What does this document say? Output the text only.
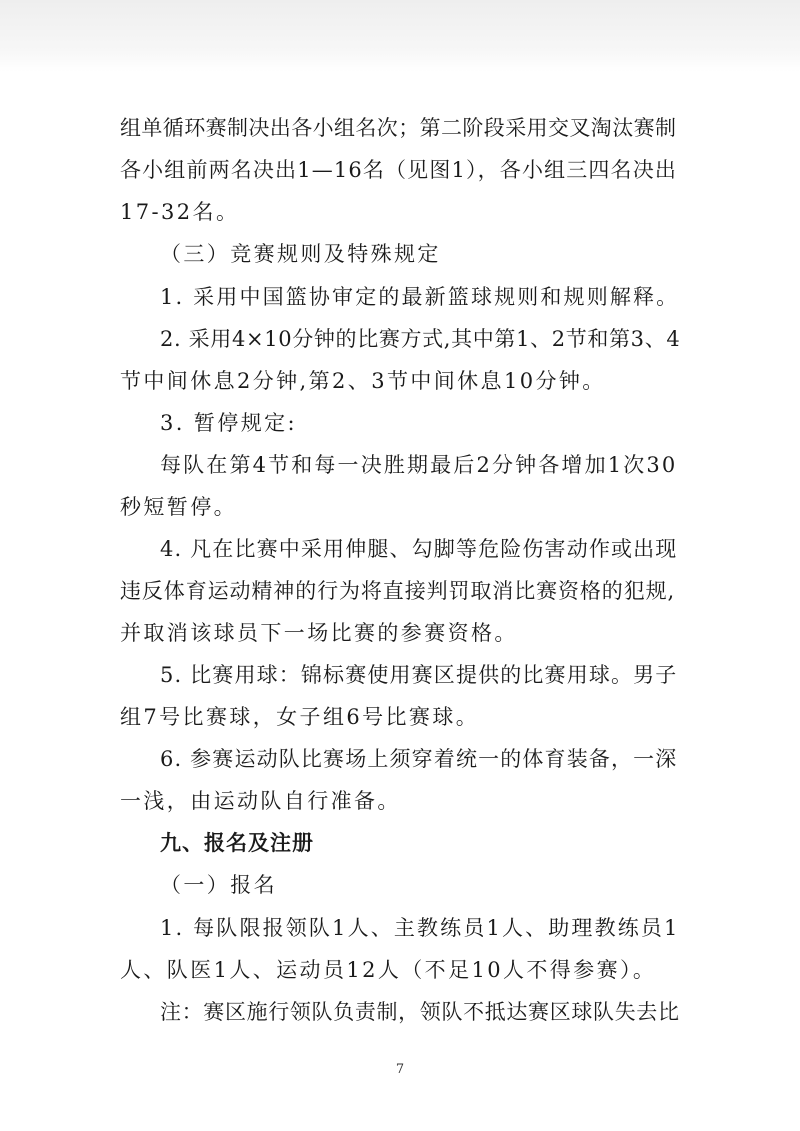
组单循环赛制决出各小组名次；第二阶段采用交叉淘汰赛制
各小组前两名决出1—16名（见图1），各小组三四名决出
17-32名。
（三）竞赛规则及特殊规定
1. 采用中国篮协审定的最新篮球规则和规则解释。
2. 采用4×10分钟的比赛方式,其中第1、2节和第3、4
节中间休息2分钟,第2、3节中间休息10分钟。
3. 暂停规定:
每队在第4节和每一决胜期最后2分钟各增加1次30
秒短暂停。
4. 凡在比赛中采用伸腿、勾脚等危险伤害动作或出现
违反体育运动精神的行为将直接判罚取消比赛资格的犯规,
并取消该球员下一场比赛的参赛资格。
5. 比赛用球：锦标赛使用赛区提供的比赛用球。男子
组7号比赛球，女子组6号比赛球。
6. 参赛运动队比赛场上须穿着统一的体育装备，一深
一浅，由运动队自行准备。
九、报名及注册
（一）报名
1. 每队限报领队1人、主教练员1人、助理教练员1
人、队医1人、运动员12人（不足10人不得参赛）。
注：赛区施行领队负责制，领队不抵达赛区球队失去比
7
